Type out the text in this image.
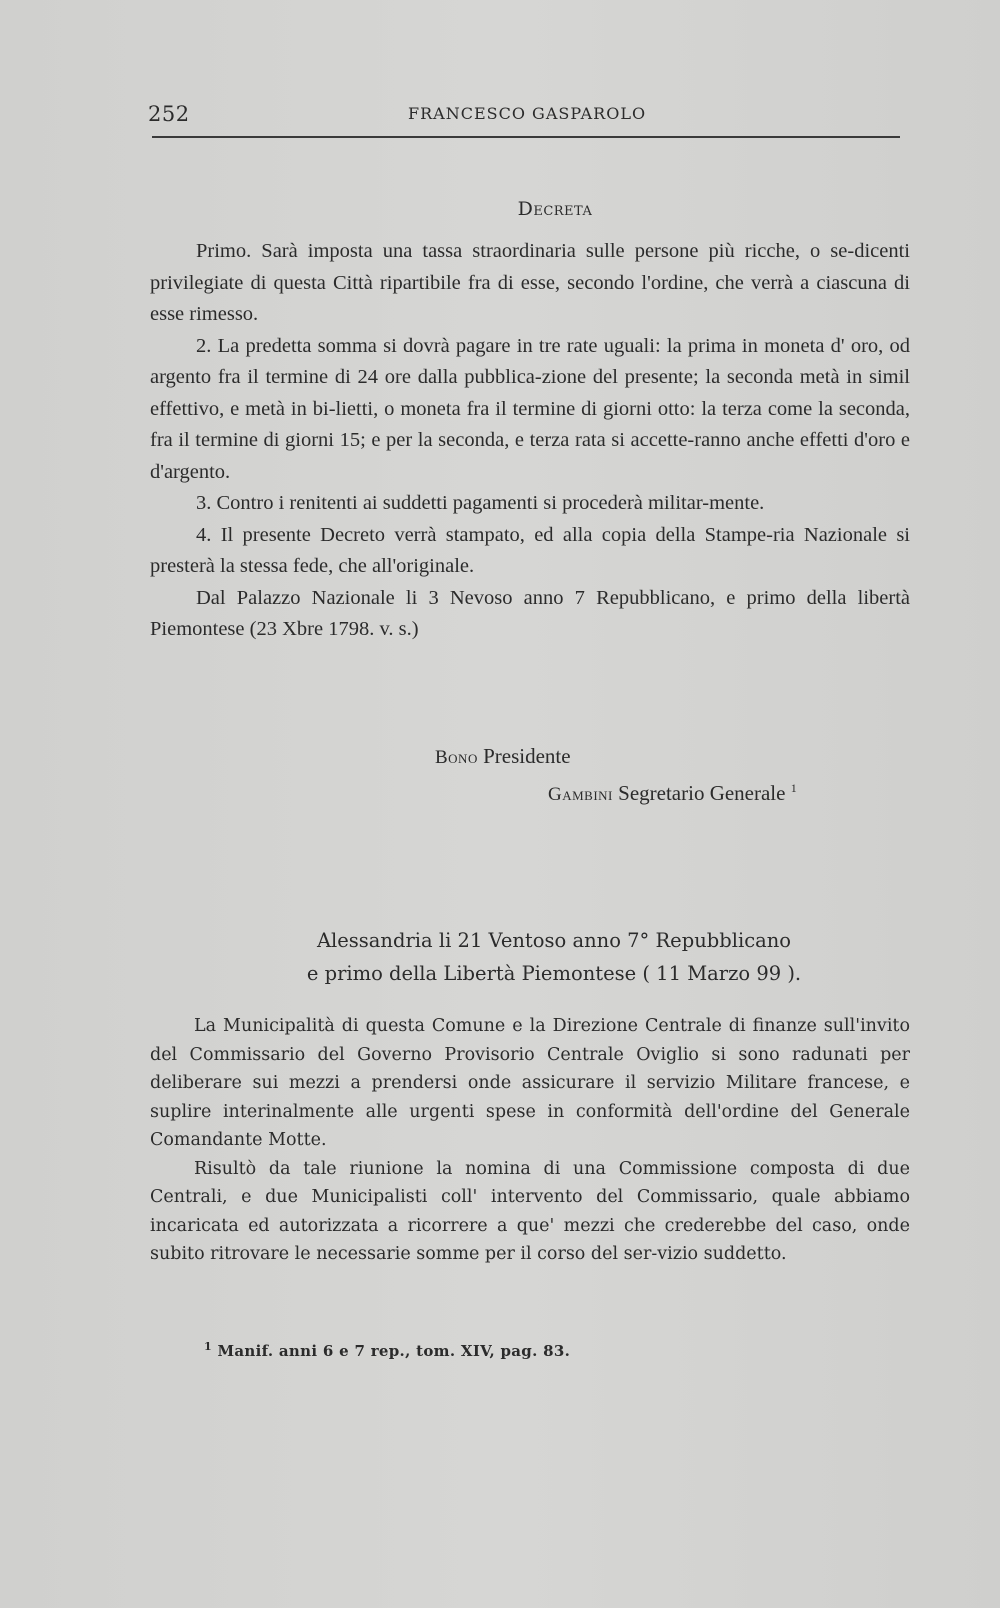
252	FRANCESCO GASPAROLO
Decreta

Primo. Sarà imposta una tassa straordinaria sulle persone più ricche, o se-dicenti privilegiate di questa Città ripartibile fra di esse, secondo l'ordine, che verrà a ciascuna di esse rimesso.

2. La predetta somma si dovrà pagare in tre rate uguali: la prima in moneta d' oro, od argento fra il termine di 24 ore dalla pubblica-zione del presente; la seconda metà in simil effettivo, e metà in bi-lietti, o moneta fra il termine di giorni otto: la terza come la seconda, fra il termine di giorni 15; e per la seconda, e terza rata si accette-ranno anche effetti d'oro e d'argento.

3. Contro i renitenti ai suddetti pagamenti si procederà militar-mente.

4. Il presente Decreto verrà stampato, ed alla copia della Stampe-ria Nazionale si presterà la stessa fede, che all'originale.

Dal Palazzo Nazionale li 3 Nevoso anno 7 Repubblicano, e primo della libertà Piemontese (23 Xbre 1798. v. s.)

Bono Presidente
Gambini Segretario Generale $^1$
Alessandria li 21 Ventoso anno 7° Repubblicano
e primo della Libertà Piemontese ( 11 Marzo 99 ).

La Municipalità di questa Comune e la Direzione Centrale di finanze sull'invito del Commissario del Governo Provisorio Centrale Oviglio si sono radunati per deliberare sui mezzi a prendersi onde assicurare il servizio Militare francese, e suplire interinalmente alle urgenti spese in conformità dell'ordine del Generale Comandante Motte.

Risultò da tale riunione la nomina di una Commissione composta di due Centrali, e due Municipalisti coll' intervento del Commissario, quale abbiamo incaricata ed autorizzata a ricorrere a que' mezzi che crederebbe del caso, onde subito ritrovare le necessarie somme per il corso del ser-vizio suddetto.

$^1$ Manif. anni 6 e 7 rep., tom. XIV, pag. 83.
